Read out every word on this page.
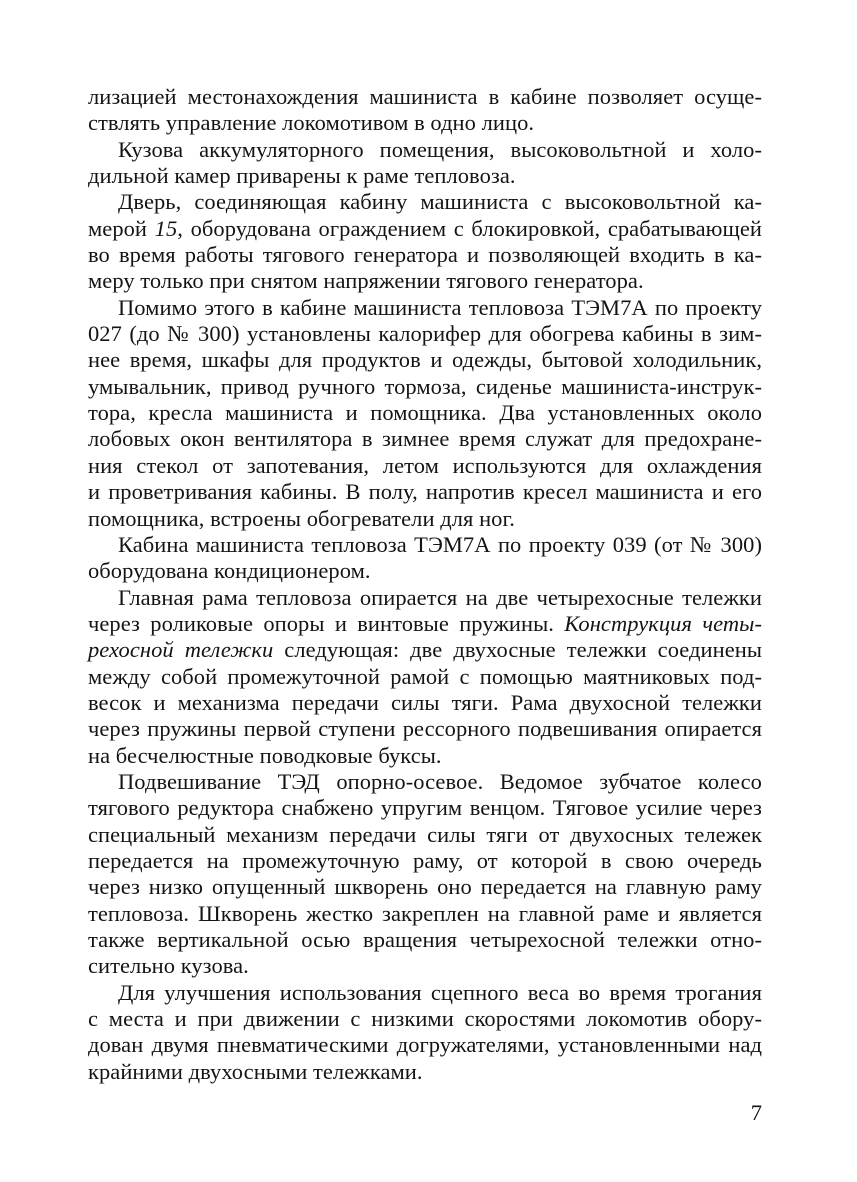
лизацией местонахождения машиниста в кабине позволяет осуще-
ствлять управление локомотивом в одно лицо.
Кузова аккумуляторного помещения, высоковольтной и холо-
дильной камер приварены к раме тепловоза.
Дверь, соединяющая кабину машиниста с высоковольтной ка-
мерой 15, оборудована ограждением с блокировкой, срабатывающей
во время работы тягового генератора и позволяющей входить в ка-
меру только при снятом напряжении тягового генератора.
Помимо этого в кабине машиниста тепловоза ТЭМ7А по проекту
027 (до № 300) установлены калорифер для обогрева кабины в зим-
нее время, шкафы для продуктов и одежды, бытовой холодильник,
умывальник, привод ручного тормоза, сиденье машиниста-инструк-
тора, кресла машиниста и помощника. Два установленных около
лобовых окон вентилятора в зимнее время служат для предохране-
ния стекол от запотевания, летом используются для охлаждения
и проветривания кабины. В полу, напротив кресел машиниста и его
помощника, встроены обогреватели для ног.
Кабина машиниста тепловоза ТЭМ7А по проекту 039 (от № 300)
оборудована кондиционером.
Главная рама тепловоза опирается на две четырехосные тележки
через роликовые опоры и винтовые пружины. Конструкция четы-
рехосной тележки следующая: две двухосные тележки соединены
между собой промежуточной рамой с помощью маятниковых под-
весок и механизма передачи силы тяги. Рама двухосной тележки
через пружины первой ступени рессорного подвешивания опирается
на бесчелюстные поводковые буксы.
Подвешивание ТЭД опорно-осевое. Ведомое зубчатое колесо
тягового редуктора снабжено упругим венцом. Тяговое усилие через
специальный механизм передачи силы тяги от двухосных тележек
передается на промежуточную раму, от которой в свою очередь
через низко опущенный шкворень оно передается на главную раму
тепловоза. Шкворень жестко закреплен на главной раме и является
также вертикальной осью вращения четырехосной тележки отно-
сительно кузова.
Для улучшения использования сцепного веса во время трогания
с места и при движении с низкими скоростями локомотив обору-
дован двумя пневматическими догружателями, установленными над
крайними двухосными тележками.
7
